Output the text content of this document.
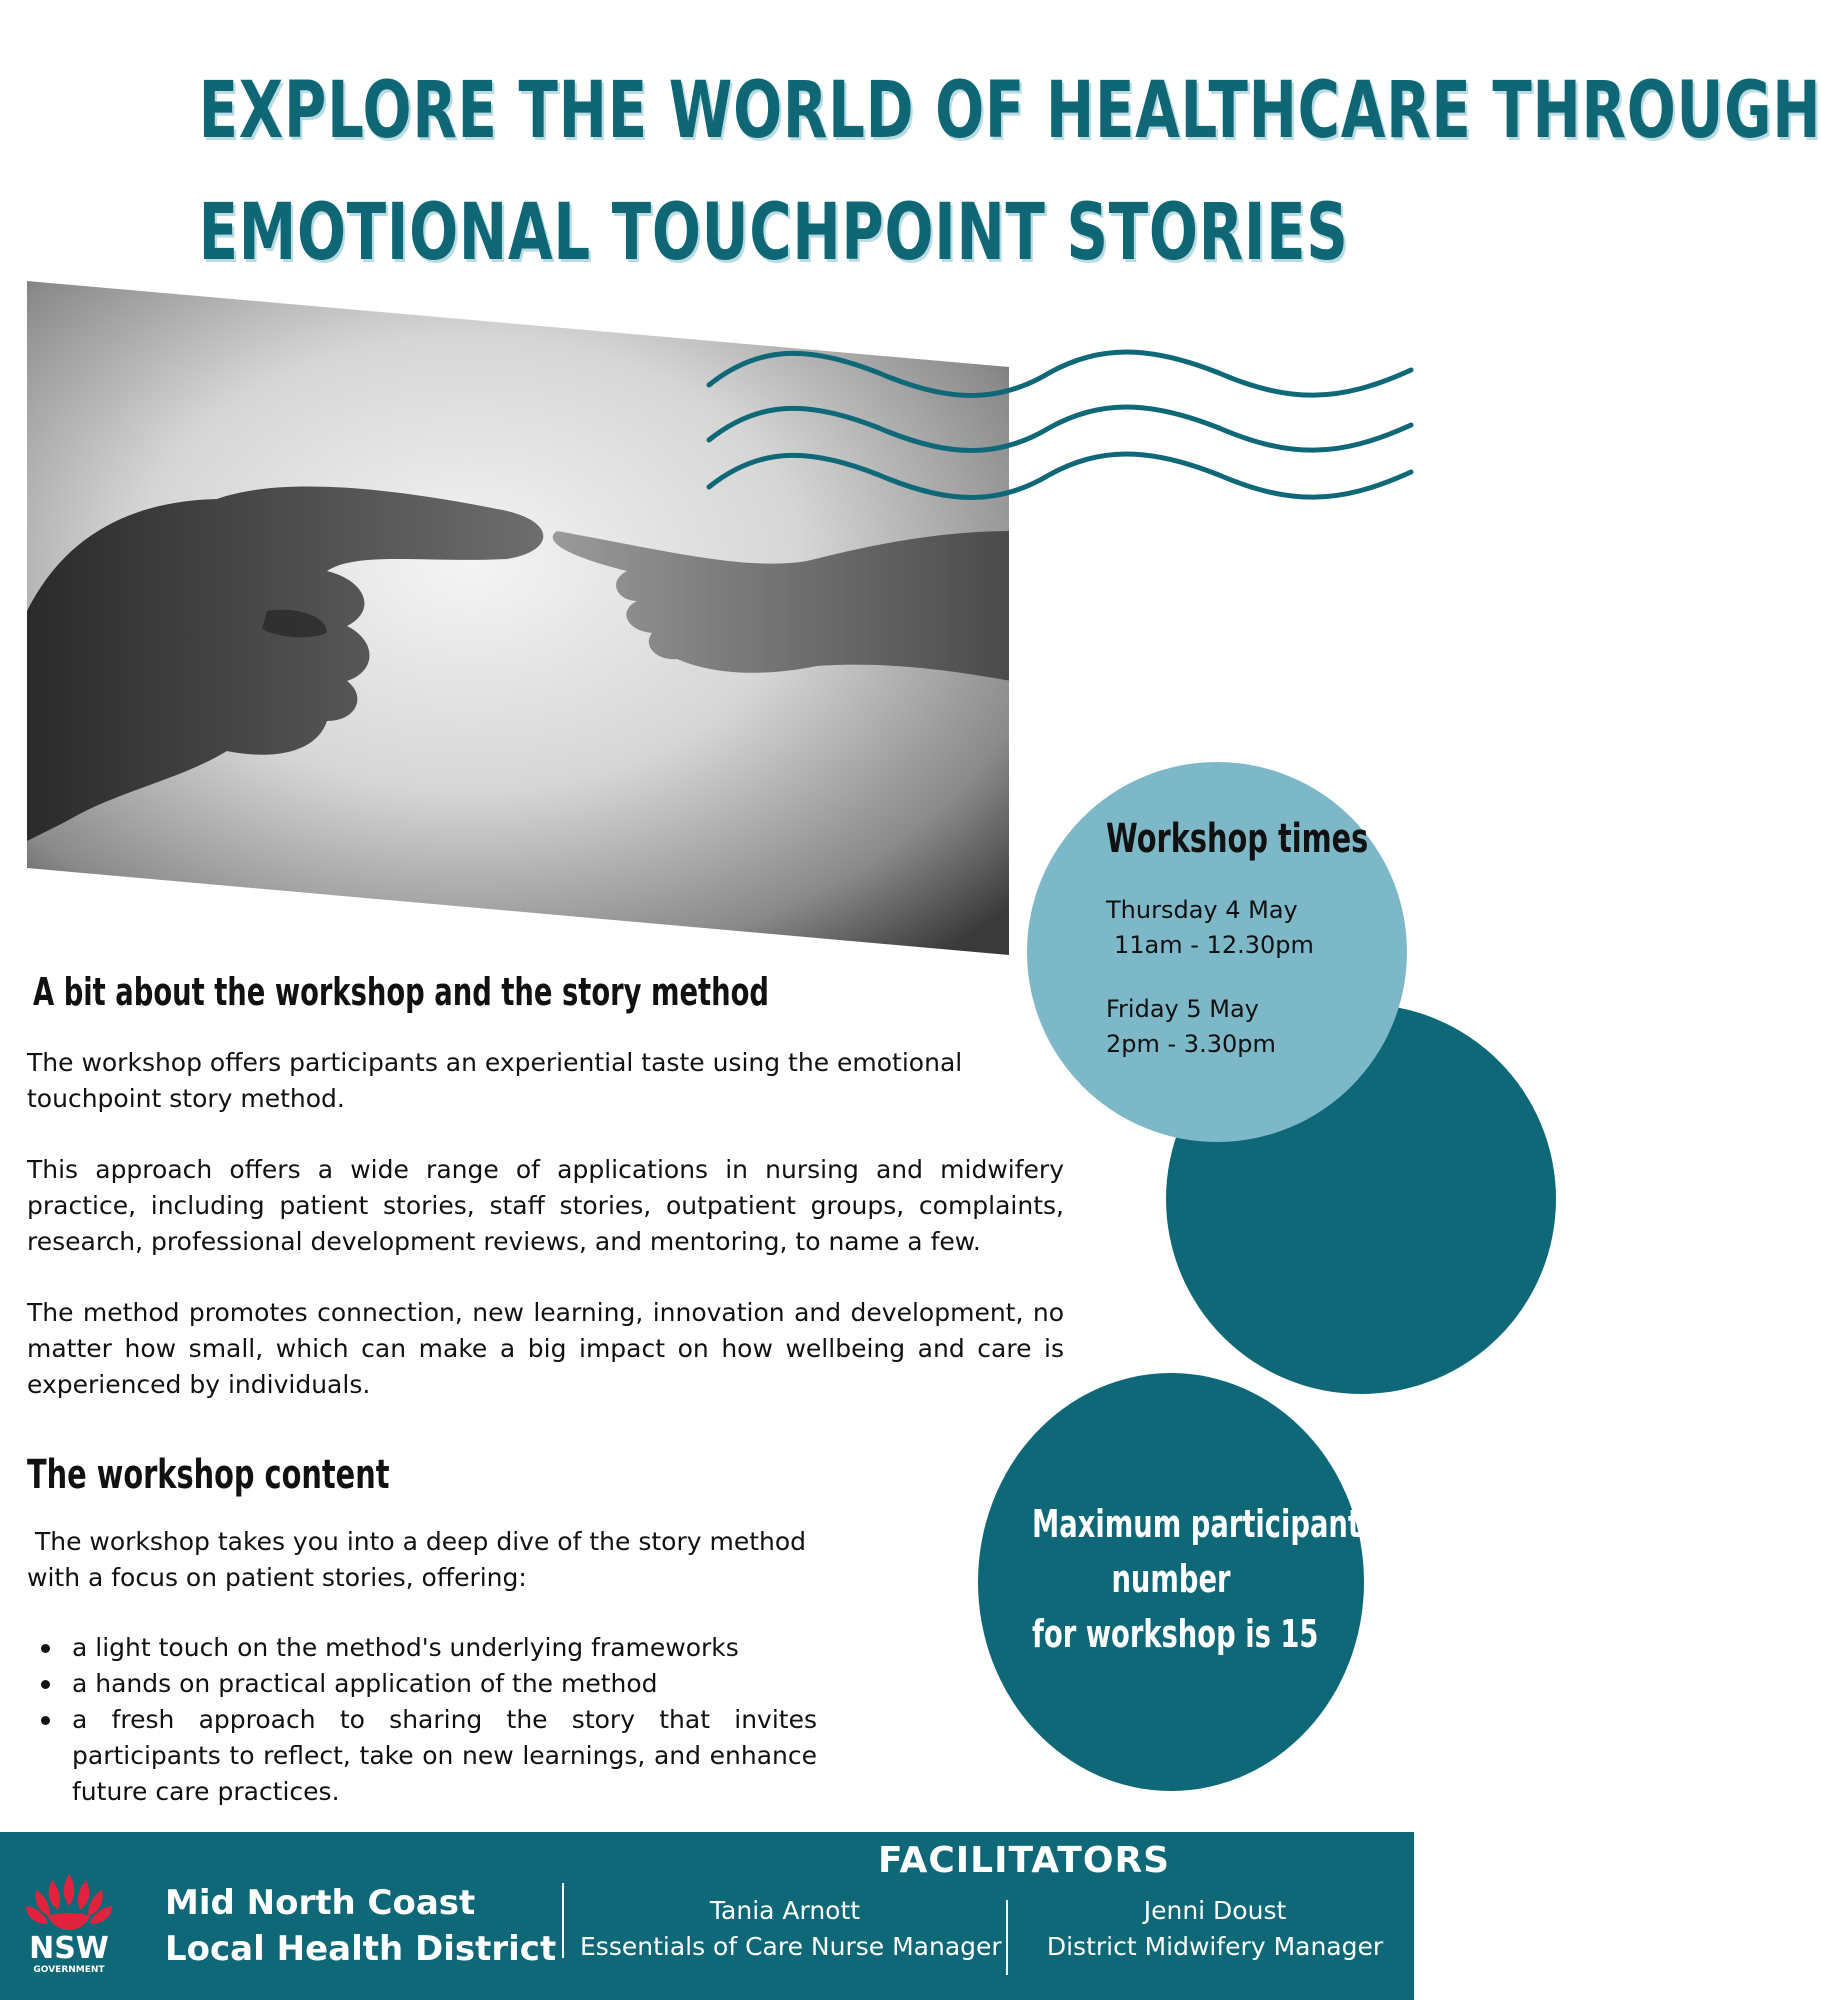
EXPLORE THE WORLD OF HEALTHCARE THROUGH
EMOTIONAL TOUCHPOINT STORIES
Workshop times
Thursday 4 May
11am - 12.30pm
Friday 5 May
2pm - 3.30pm
Maximum participant
number
for workshop is 15
A bit about the workshop and the story method

The workshop offers participants an experiential taste using the emotional touchpoint story method.

This approach offers a wide range of applications in nursing and midwifery practice, including patient stories, staff stories, outpatient groups, complaints, research, professional development reviews, and mentoring, to name a few.

The method promotes connection, new learning, innovation and development, no matter how small, which can make a big impact on how wellbeing and care is experienced by individuals.

The workshop content

The workshop takes you into a deep dive of the story method with a focus on patient stories, offering:

a light touch on the method's underlying frameworks
a hands on practical application of the method
a fresh approach to sharing the story that invites participants to reflect, take on new learnings, and enhance future care practices.
NSW
GOVERNMENT
Mid North Coast
Local Health District
FACILITATORS
Tania Arnott
Essentials of Care Nurse Manager
Jenni Doust
District Midwifery Manager
